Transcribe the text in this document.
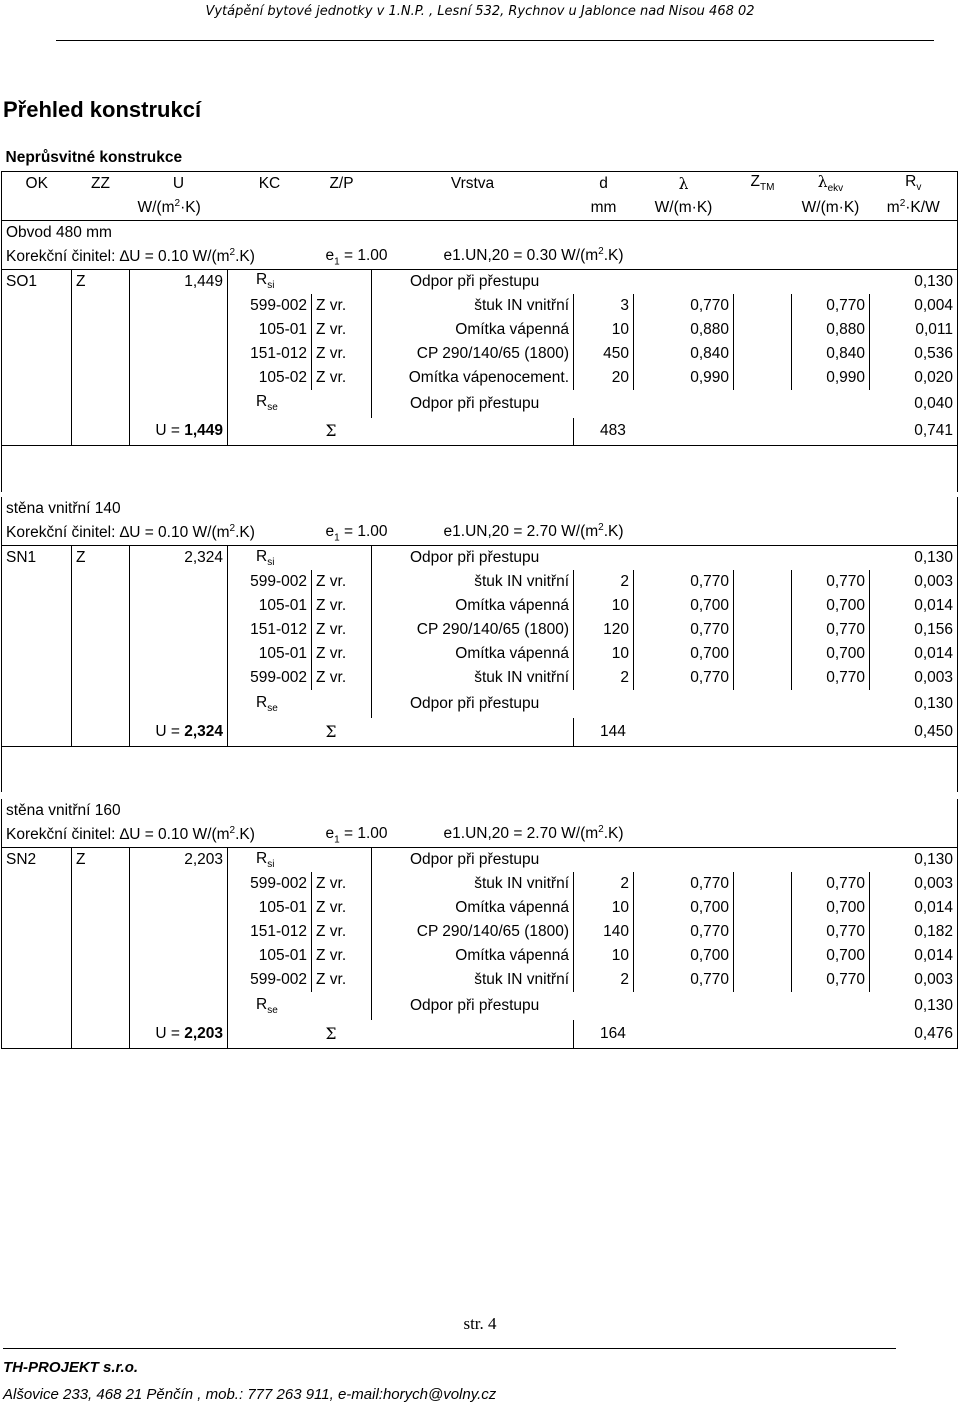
Vytápění bytové jednotky v 1.N.P. , Lesní 532, Rychnov u Jablonce nad Nisou 468 02
Přehled konstrukcí
Neprůsvitné konstrukce										
OK	ZZ	U	KC	Z/P	Vrstva	d	λ	$Z_{TM}$	$\lambda_{ekv}$	$R_v$
		$W/(m^2\cdot K)$				mm	W/(m·K)		W/(m·K)	$m^2\cdot K/W$
Obvod 480 mm										
Korekční činitel: ∆U = 0.10 $W/(m^2.K)$				$e_1 = 1.00$ e1.UN,20 = 0.30 $W/(m^2.K)$						
SO1	Z	1,449	$R_{si}$		Odpor při přestupu					0,130
			599-002	Z vr.	štuk IN vnitřní	3	0,770		0,770	0,004
			105-01	Z vr.	Omítka vápenná	10	0,880		0,880	0,011
			151-012	Z vr.	CP 290/140/65 (1800)	450	0,840		0,840	0,536
			105-02	Z vr.	Omítka vápenocement.	20	0,990		0,990	0,020
			$R_{se}$		Odpor při přestupu					0,040
		U = 1,449		Σ		483				0,741

stěna vnitřní 140										
Korekční činitel: ∆U = 0.10 $W/(m^2.K)$				$e_1 = 1.00$ e1.UN,20 = 2.70 $W/(m^2.K)$						
SN1	Z	2,324	$R_{si}$		Odpor při přestupu					0,130
			599-002	Z vr.	štuk IN vnitřní	2	0,770		0,770	0,003
			105-01	Z vr.	Omítka vápenná	10	0,700		0,700	0,014
			151-012	Z vr.	CP 290/140/65 (1800)	120	0,770		0,770	0,156
			105-01	Z vr.	Omítka vápenná	10	0,700		0,700	0,014
			599-002	Z vr.	štuk IN vnitřní	2	0,770		0,770	0,003
			$R_{se}$		Odpor při přestupu					0,130
		U = 2,324		Σ		144				0,450

stěna vnitřní 160										
Korekční činitel: ∆U = 0.10 $W/(m^2.K)$				$e_1 = 1.00$ e1.UN,20 = 2.70 $W/(m^2.K)$						
SN2	Z	2,203	$R_{si}$		Odpor při přestupu					0,130
			599-002	Z vr.	štuk IN vnitřní	2	0,770		0,770	0,003
			105-01	Z vr.	Omítka vápenná	10	0,700		0,700	0,014
			151-012	Z vr.	CP 290/140/65 (1800)	140	0,770		0,770	0,182
			105-01	Z vr.	Omítka vápenná	10	0,700		0,700	0,014
			599-002	Z vr.	štuk IN vnitřní	2	0,770		0,770	0,003
			$R_{se}$		Odpor při přestupu					0,130
		U = 2,203		Σ		164				0,476
str. 4
TH-PROJEKT s.r.o.
Alšovice 233, 468 21 Pěnčín , mob.: 777 263 911, e-mail:horych@volny.cz
